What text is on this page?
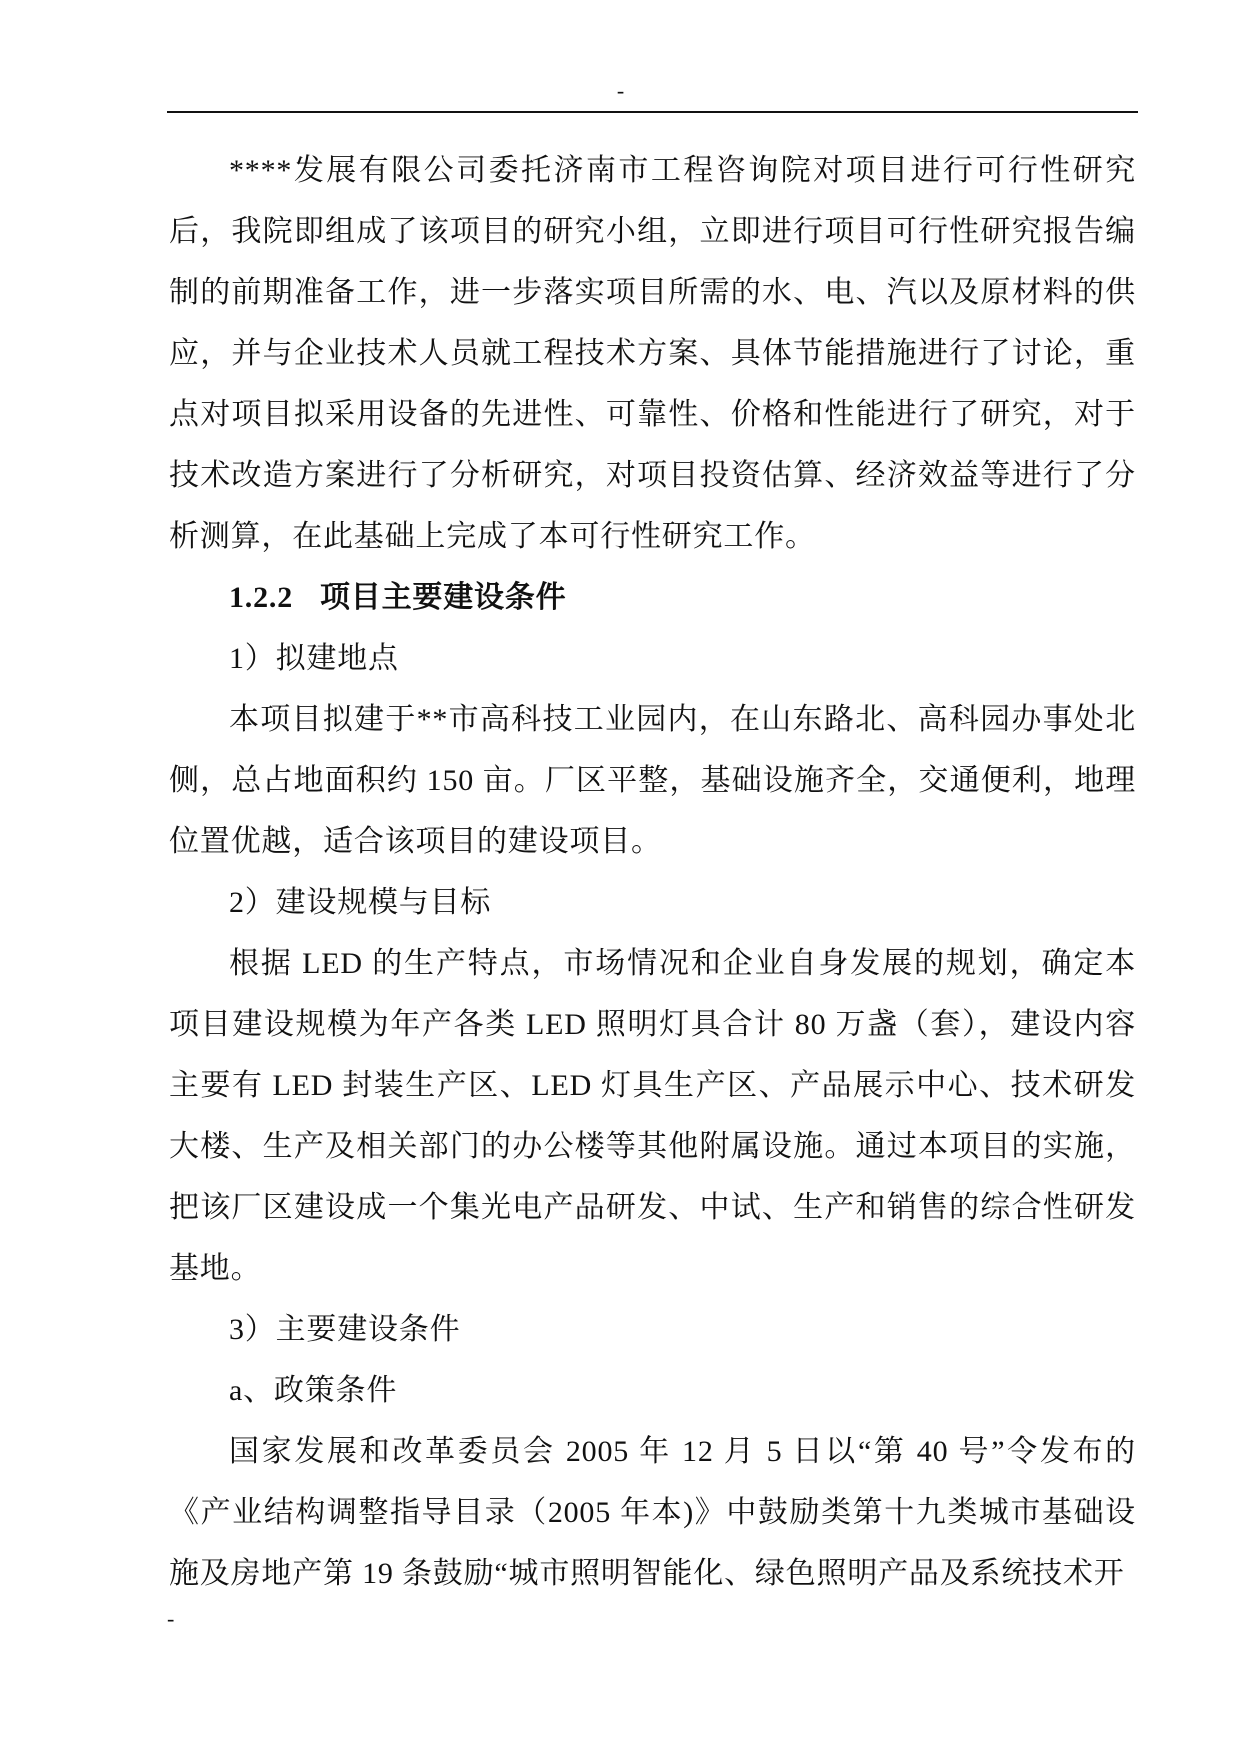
-

****发展有限公司委托济南市工程咨询院对项目进行可行性研究后，我院即组成了该项目的研究小组，立即进行项目可行性研究报告编制的前期准备工作，进一步落实项目所需的水、电、汽以及原材料的供应，并与企业技术人员就工程技术方案、具体节能措施进行了讨论，重点对项目拟采用设备的先进性、可靠性、价格和性能进行了研究，对于技术改造方案进行了分析研究，对项目投资估算、经济效益等进行了分析测算，在此基础上完成了本可行性研究工作。

1.2.2 项目主要建设条件

1）拟建地点

本项目拟建于**市高科技工业园内，在山东路北、高科园办事处北侧，总占地面积约 150 亩。厂区平整，基础设施齐全，交通便利，地理位置优越，适合该项目的建设项目。

2）建设规模与目标

根据 LED 的生产特点，市场情况和企业自身发展的规划，确定本项目建设规模为年产各类 LED 照明灯具合计 80 万盏（套），建设内容主要有 LED 封装生产区、LED 灯具生产区、产品展示中心、技术研发大楼、生产及相关部门的办公楼等其他附属设施。通过本项目的实施，把该厂区建设成一个集光电产品研发、中试、生产和销售的综合性研发基地。

3）主要建设条件

a、政策条件

国家发展和改革委员会 2005 年 12 月 5 日以“第 40 号”令发布的《产业结构调整指导目录（2005 年本)》中鼓励类第十九类城市基础设施及房地产第 19 条鼓励“城市照明智能化、绿色照明产品及系统技术开

-
